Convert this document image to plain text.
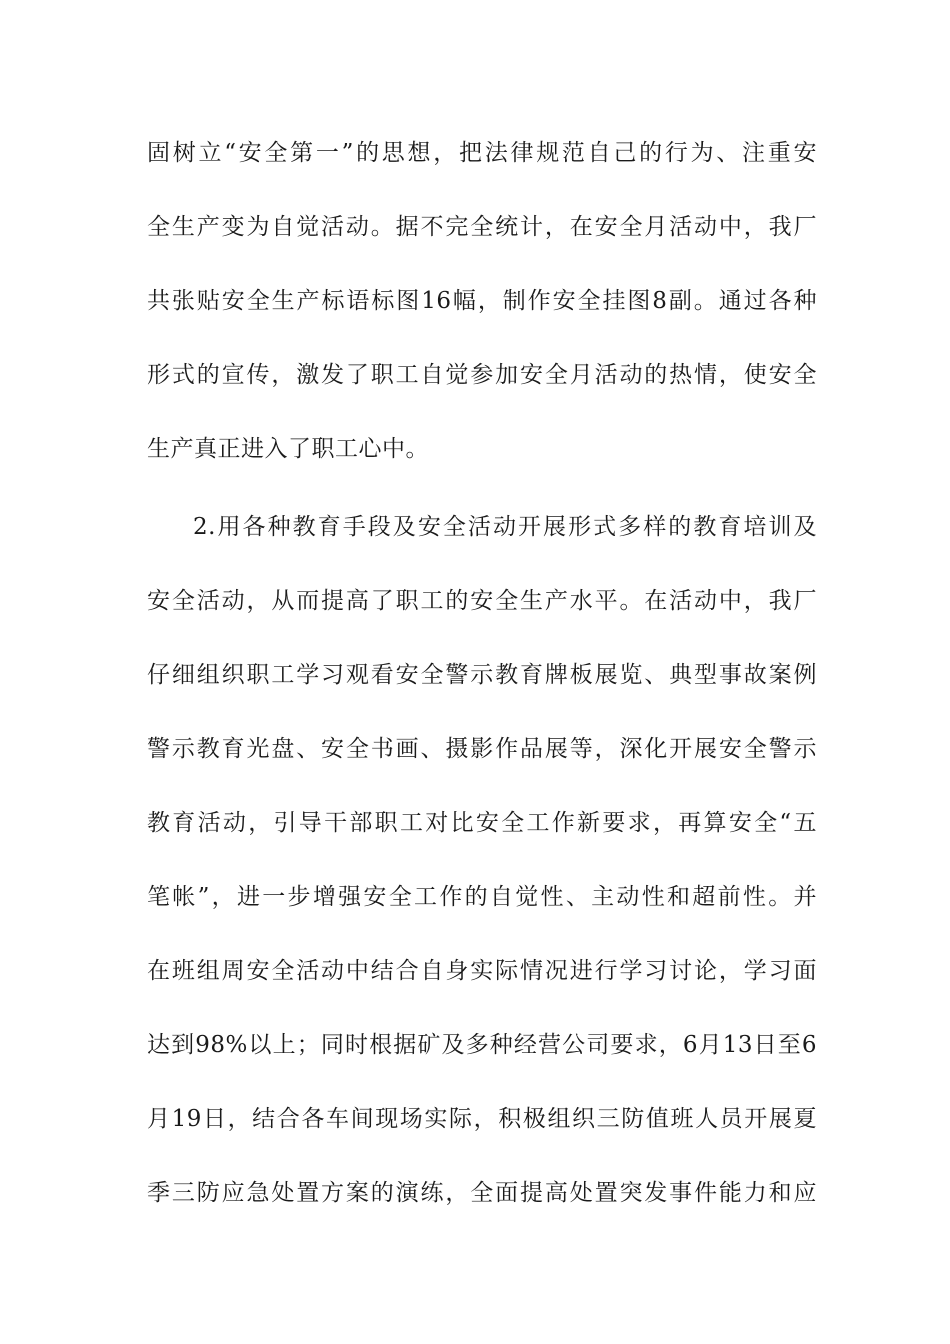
固树立“安全第一”的思想，把法律规范自己的行为、注重安
全生产变为自觉活动。据不完全统计，在安全月活动中，我厂
共张贴安全生产标语标图16幅，制作安全挂图8副。通过各种
形式的宣传，激发了职工自觉参加安全月活动的热情，使安全
生产真正进入了职工心中。
2.用各种教育手段及安全活动开展形式多样的教育培训及
安全活动，从而提高了职工的安全生产水平。在活动中，我厂
仔细组织职工学习观看安全警示教育牌板展览、典型事故案例
警示教育光盘、安全书画、摄影作品展等，深化开展安全警示
教育活动，引导干部职工对比安全工作新要求，再算安全“五
笔帐”，进一步增强安全工作的自觉性、主动性和超前性。并
在班组周安全活动中结合自身实际情况进行学习讨论，学习面
达到98%以上；同时根据矿及多种经营公司要求，6月13日至6
月19日，结合各车间现场实际，积极组织三防值班人员开展夏
季三防应急处置方案的演练，全面提高处置突发事件能力和应
